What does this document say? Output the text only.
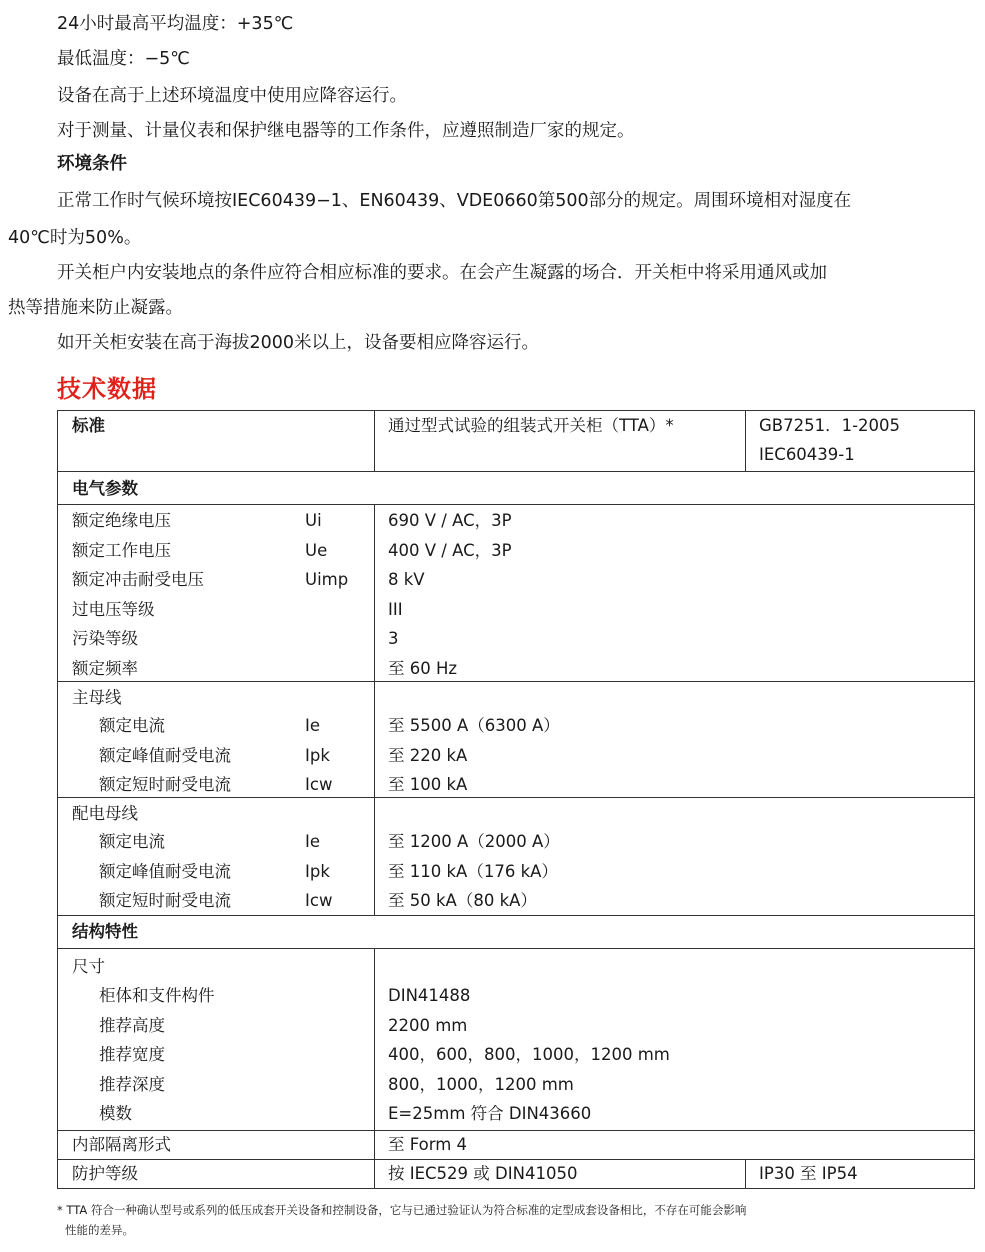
24小时最高平均温度：+35℃
最低温度：−5℃
设备在高于上述环境温度中使用应降容运行。
对于测量、计量仪表和保护继电器等的工作条件，应遵照制造厂家的规定。
环境条件
正常工作时气候环境按IEC60439−1、EN60439、VDE0660第500部分的规定。周围环境相对湿度在
40℃时为50%。
开关柜户内安装地点的条件应符合相应标准的要求。在会产生凝露的场合．开关柜中将采用通风或加
热等措施来防止凝露。
如开关柜安装在高于海拔2000米以上，设备要相应降容运行。
技术数据
标准	通过型式试验的组装式开关柜（TTA）*	GB7251．1-2005
IEC60439-1
电气参数
额定绝缘电压	Ui	690 V / AC，3P
额定工作电压	Ue	400 V / AC，3P
额定冲击耐受电压	Uimp 8 kV
过电压等级	III
污染等级	3
额定频率	至 60 Hz
主母线
额定电流	Ie	至 5500 A（6300 A）
额定峰值耐受电流	Ipk	至 220 kA
额定短时耐受电流	Icw	至 100 kA
配电母线
额定电流	Ie	至 1200 A（2000 A）
额定峰值耐受电流	Ipk	至 110 kA（176 kA）
额定短时耐受电流	Icw	至 50 kA（80 kA）
结构特性
尺寸
柜体和支件构件	DIN41488
推荐高度	2200 mm
推荐宽度	400，600，800，1000，1200 mm
推荐深度	800，1000，1200 mm
模数	E=25mm 符合 DIN43660
内部隔离形式	至 Form 4
防护等级	按 IEC529 或 DIN41050	IP30 至 IP54
* TTA 符合一种确认型号或系列的低压成套开关设备和控制设备，它与已通过验证认为符合标准的定型成套设备相比，不存在可能会影响
性能的差异。
